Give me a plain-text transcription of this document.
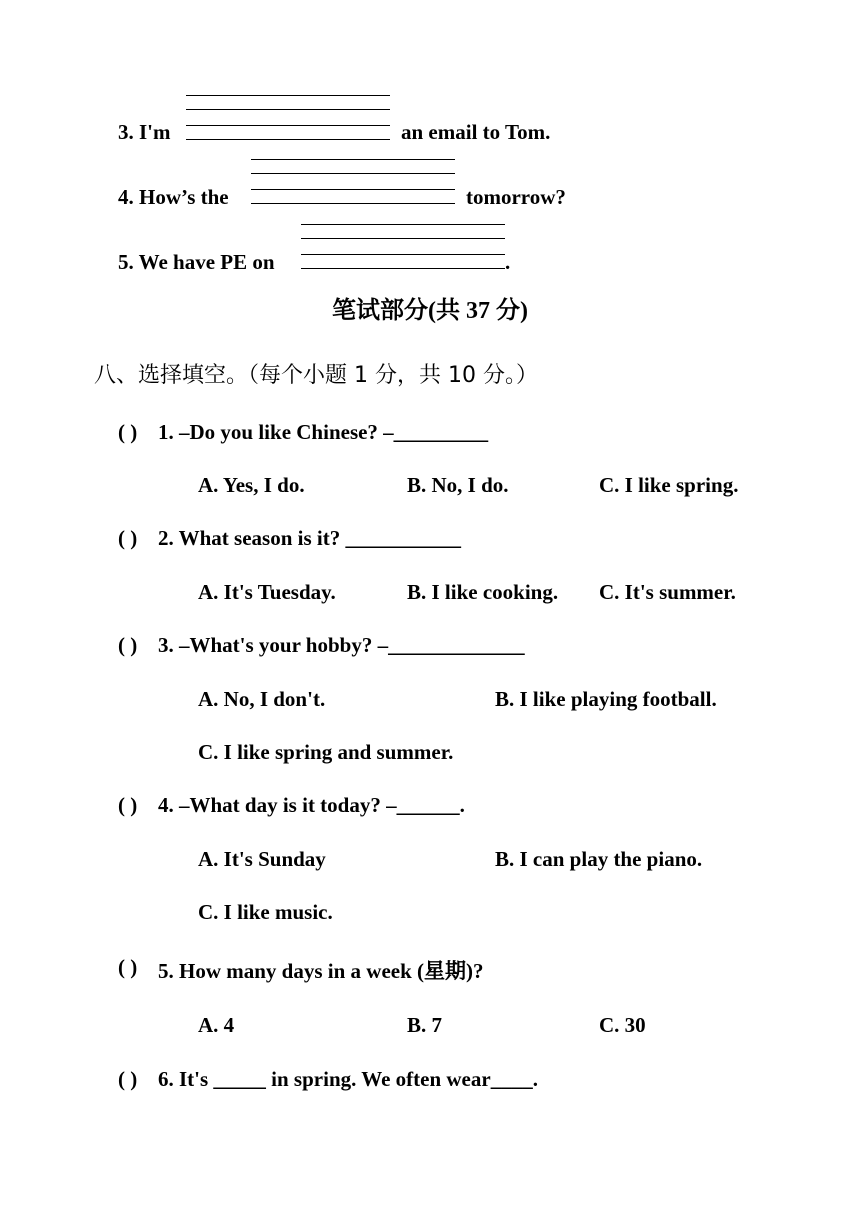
3. I'm	an email to Tom.
4. How’s the	tomorrow?
5. We have PE on	.
笔试部分(共 37 分)
八、选择填空。（每个小题 1 分，共 10 分。）
( ) 1. –Do you like Chinese? –_________
A. Yes, I do.	B. No, I do.	C. I like spring.
( ) 2. What season is it? ___________
A. It's Tuesday.	B. I like cooking. C. It's summer.
( ) 3. –What's your hobby? –_____________
A. No, I don't.	B. I like playing football.
C. I like spring and summer.
( ) 4. –What day is it today? –______.
A. It's Sunday	B. I can play the piano.
C. I like music.
( ) 5. How many days in a week (星期)?
A. 4	B. 7	C. 30
( ) 6. It's _____ in spring. We often wear____.
